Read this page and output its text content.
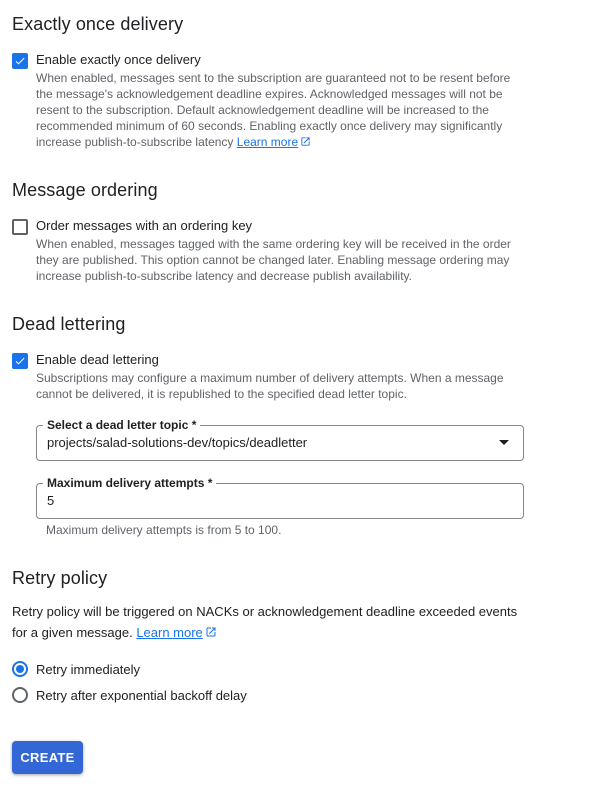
Exactly once delivery
Enable exactly once delivery
When enabled, messages sent to the subscription are guaranteed not to be resent before the message's acknowledgement deadline expires. Acknowledged messages will not be resent to the subscription. Default acknowledgement deadline will be increased to the recommended minimum of 60 seconds. Enabling exactly once delivery may significantly increase publish-to-subscribe latency Learn more
Message ordering
Order messages with an ordering key
When enabled, messages tagged with the same ordering key will be received in the order they are published. This option cannot be changed later. Enabling message ordering may increase publish-to-subscribe latency and decrease publish availability.
Dead lettering
Enable dead lettering
Subscriptions may configure a maximum number of delivery attempts. When a message cannot be delivered, it is republished to the specified dead letter topic.
Select a dead letter topic *
projects/salad-solutions-dev/topics/deadletter
Maximum delivery attempts *
5
Maximum delivery attempts is from 5 to 100.
Retry policy
Retry policy will be triggered on NACKs or acknowledgement deadline exceeded events for a given message. Learn more
Retry immediately
Retry after exponential backoff delay
CREATE
